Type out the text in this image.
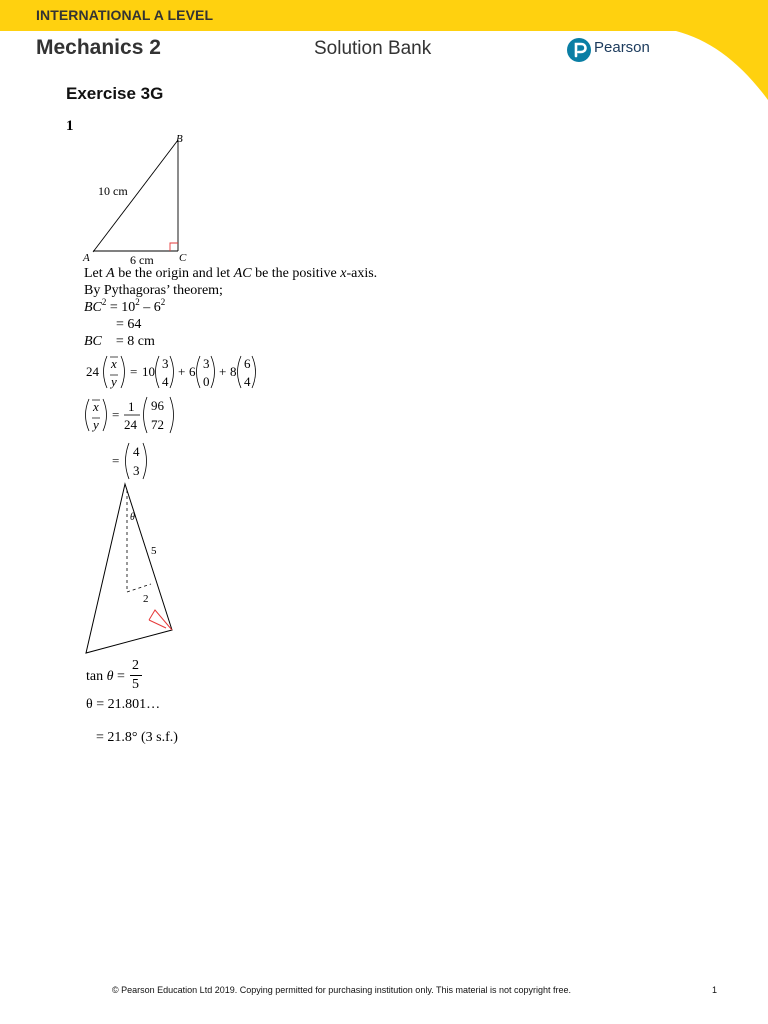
INTERNATIONAL A LEVEL
Mechanics 2	Solution Bank	Pearson
Exercise 3G
1
10 cm
6 cm
A
B
C
Let A be the origin and let AC be the positive x-axis.
By Pythagoras’ theorem;
$BC^2 = 10^2 - 6^2$
= 64
BC = 8 cm
24
x
y
= 10
3
4
+ 6
3
0
+ 8
6
4
x
y
=
1
24
96
72
=
4
3
θ
5
2
tan θ =
2
5
θ = 21.801…
= 21.8° (3 s.f.)
© Pearson Education Ltd 2019. Copying permitted for purchasing institution only. This material is not copyright free.	1
